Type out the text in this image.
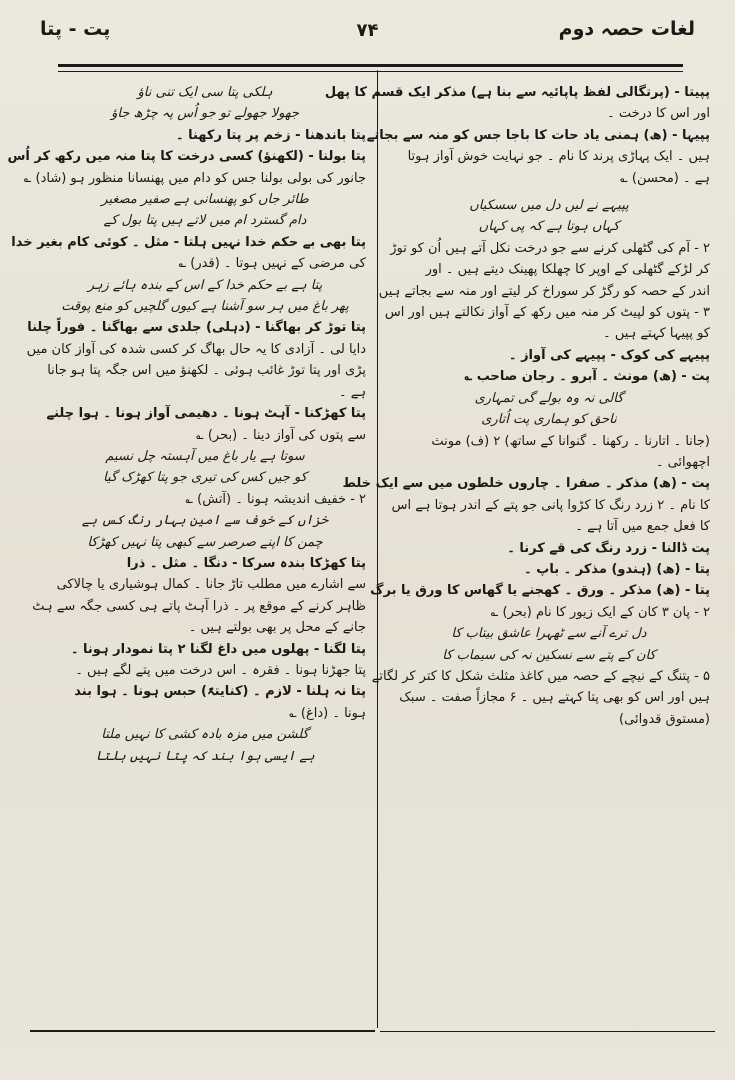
لغات حصہ دوم
۷۴
پت - پتا
پپیتا - (پرتگالی لفظ پاپائیہ سے بنا ہے) مذکر ایک قسم کا پھل
اور اس کا درخت ۔
پپیہا - (ھ) ہمنی یاد حات کا باجا جس کو منہ سے بجاتے
ہیں ۔ ایک پہاڑی پرند کا نام ۔ جو نہایت خوش آواز ہوتا
ہے ۔ (محسن) ؎
پپیہے نے لیں دل میں سسکیاں
کہاں ہوتا ہے کہ پی کہاں
۲ - آم کی گٹھلی کرنے سے جو درخت نکل آتے ہیں اُن کو توڑ
کر لڑکے گٹھلی کے اوپر کا چھلکا پھینک دیتے ہیں ۔ اور
اندر کے حصہ کو رگڑ کر سوراخ کر لیتے اور منہ سے بجاتے ہیں
۳ - پتوں کو لپیٹ کر منہ میں رکھ کے آواز نکالتے ہیں اور اس
کو پپیہا کہتے ہیں ۔
پپیہے کی کوک - پپیہے کی آواز ۔
پت - (ھ) مونث ۔ آبرو ۔ رجان صاحب ؎
گالی نہ وہ بولے گی تمہاری
ناحق کو ہماری پت اُتاری
(جانا ۔ اتارنا ۔ رکھنا ۔ گنوانا کے ساتھ) ۲ (ف) مونث
اچھوائی ۔
پت - (ھ) مذکر ۔ صفرا ۔ چاروں خلطوں میں سے ایک خلط
کا نام ۔ ۲ زرد رنگ کا کڑوا پانی جو پتے کے اندر ہوتا ہے اس
کا فعل جمع میں آتا ہے ۔
پت ڈالنا - زرد رنگ کی قے کرنا ۔
پتا - (ھ) (ہندو) مذکر ۔ باپ ۔
پتا - (ھ) مذکر ۔ ورق ۔ کھجنے یا گھاس کا ورق یا برگ
۲ - پان ۳ کان کے ایک زیور کا نام (بحر) ؎
دل ترے آنے سے ٹھہرا عاشق بیتاب کا
کان کے پتے سے نسکین نہ کی سیماب کا
۵ - پتنگ کے نیچے کے حصہ میں کاغذ مثلث شکل کا کتر کر لگاتے
ہیں اور اس کو بھی پتا کہتے ہیں ۔ ۶ مجازاً صفت ۔ سبک
(مستوق قدوائی)
ہلکی پتا سی ایک تنی ناؤ
جھولا جھولے تو جو اُس پہ چڑھ جاؤ
پتا باندھنا - زخم پر پتا رکھنا ۔
پتا بولنا - (لکھنؤ) کسی درخت کا پتا منہ میں رکھ کر اُس
جانور کی بولی بولنا جس کو دام میں پھنسانا منظور ہو (شاد) ؎
طائر جاں کو پھنسانی ہے صفیر مصغیر
دام گسترد ام میں لاتے ہیں پتا بول کے
پتا بھی بے حکم خدا نہیں ہلتا - مثل ۔ کوئی کام بغیر خدا
کی مرضی کے نہیں ہوتا ۔ (قدر) ؎
پتا ہے بے حکم خدا کے اس کے بندہ ہائے زہر
پھر باغ میں ہر سو آشنا ہے کیوں گلچیں کو منع پوقت
پتا توڑ کر بھاگنا - (دہلی) جلدی سے بھاگنا ۔ فوراً چلنا
دایا لی ۔ آزادی کا یہ حال بھاگ کر کسی شدہ کی آواز کان میں
پڑی اور پتا توڑ غائب ہوئی ۔ لکھنؤ میں اس جگہ پتا ہو جانا
ہے ۔
پتا کھڑکنا - آہٹ ہونا ۔ دھیمی آواز ہونا ۔ ہوا چلنے
سے پتوں کی آواز دینا ۔ (بحر) ؎
سوتا ہے یار باغ میں آہستہ چل نسیم
کو جیں کس کی تیری جو پتا کھڑک گیا
۲ - خفیف اندیشہ ہونا ۔ (آتش) ؎
خزاں کے خوف سے امین بہار رنگ کس ہے
چمن کا اپنے صرصر سے کبھی پتا نہیں کھڑکا
پتا کھڑکا بندہ سرکا - دنگا ۔ مثل ۔ ذرا
سے اشارے میں مطلب تاڑ جانا ۔ کمال ہوشیاری یا چالاکی
ظاہر کرنے کے موقع پر ۔ ذرا آہٹ پاتے ہی کسی جگہ سے ہٹ
جانے کے محل پر بھی بولتے ہیں ۔
پتا لگنا - پھلوں میں داغ لگنا ۲ پتا نمودار ہونا ۔
پتا جھڑنا ہونا ۔ فقرہ ۔ اس درخت میں پتے لگے ہیں ۔
پتا نہ ہلنا - لازم ۔ (کنایتہً) حبس ہونا ۔ ہوا بند
ہونا ۔ (داغ) ؎
گلشن میں مزہ بادہ کشی کا نہیں ملتا
ہے ایسی ہوا بند کہ پتا نہیں ہلتا
